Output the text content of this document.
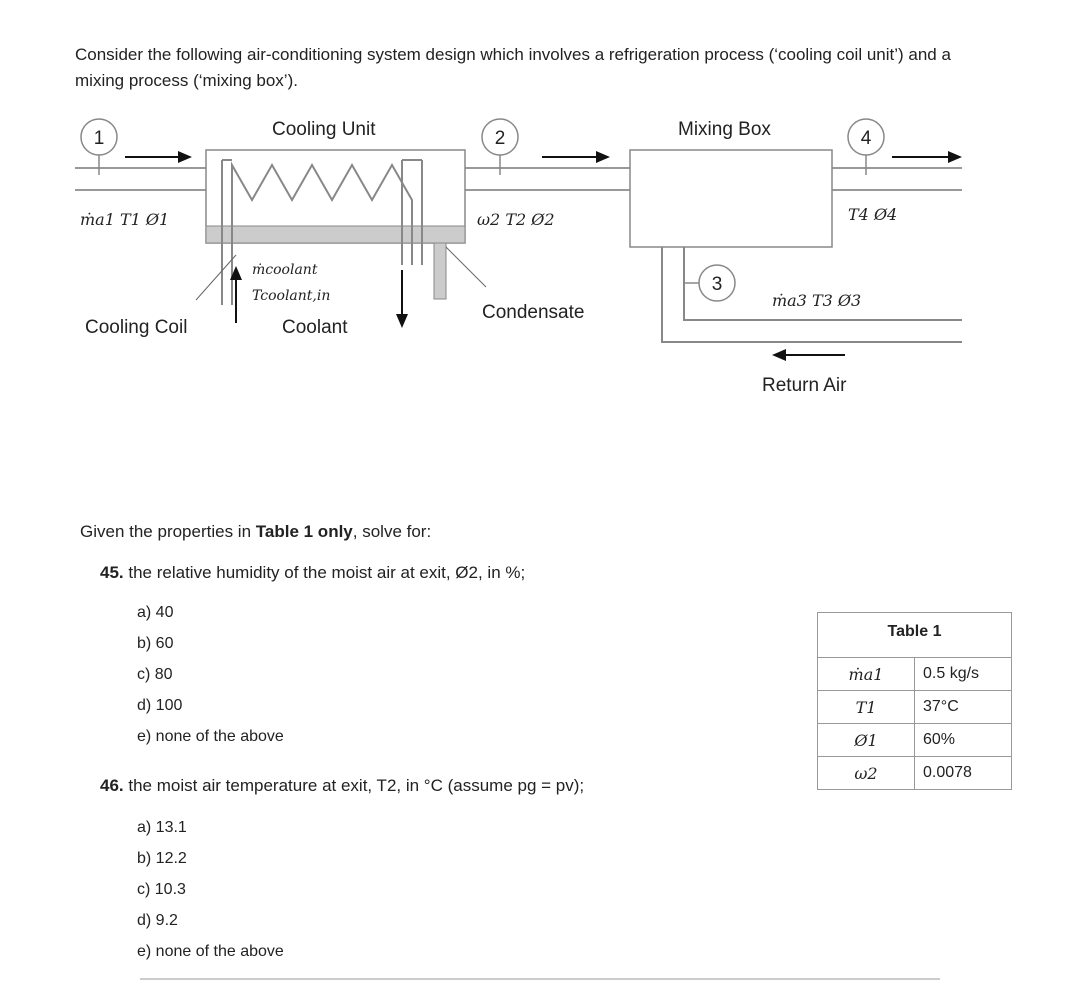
Consider the following air-conditioning system design which involves a refrigeration process (‘cooling coil unit’) and a mixing process (‘mixing box’).
1	2	4
3
Cooling Unit	Mixing Box
ṁa1 T1 Ø1	ω2 T2 Ø2	T4 Ø4
ṁa3 T3 Ø3
ṁcoolant
Tcoolant,in
Cooling Coil	Coolant
Condensate
Return Air
Given the properties in Table 1 only, solve for:
45. the relative humidity of the moist air at exit, Ø2, in %;
a) 40
b) 60
c) 80
d) 100
e) none of the above
46. the moist air temperature at exit, T2, in °C (assume pg = pv);
a) 13.1
b) 12.2
c) 10.3
d) 9.2
e) none of the above
Table 1	

ṁa1	0.5 kg/s
T1	37°C
Ø1	60%
ω2	0.0078
